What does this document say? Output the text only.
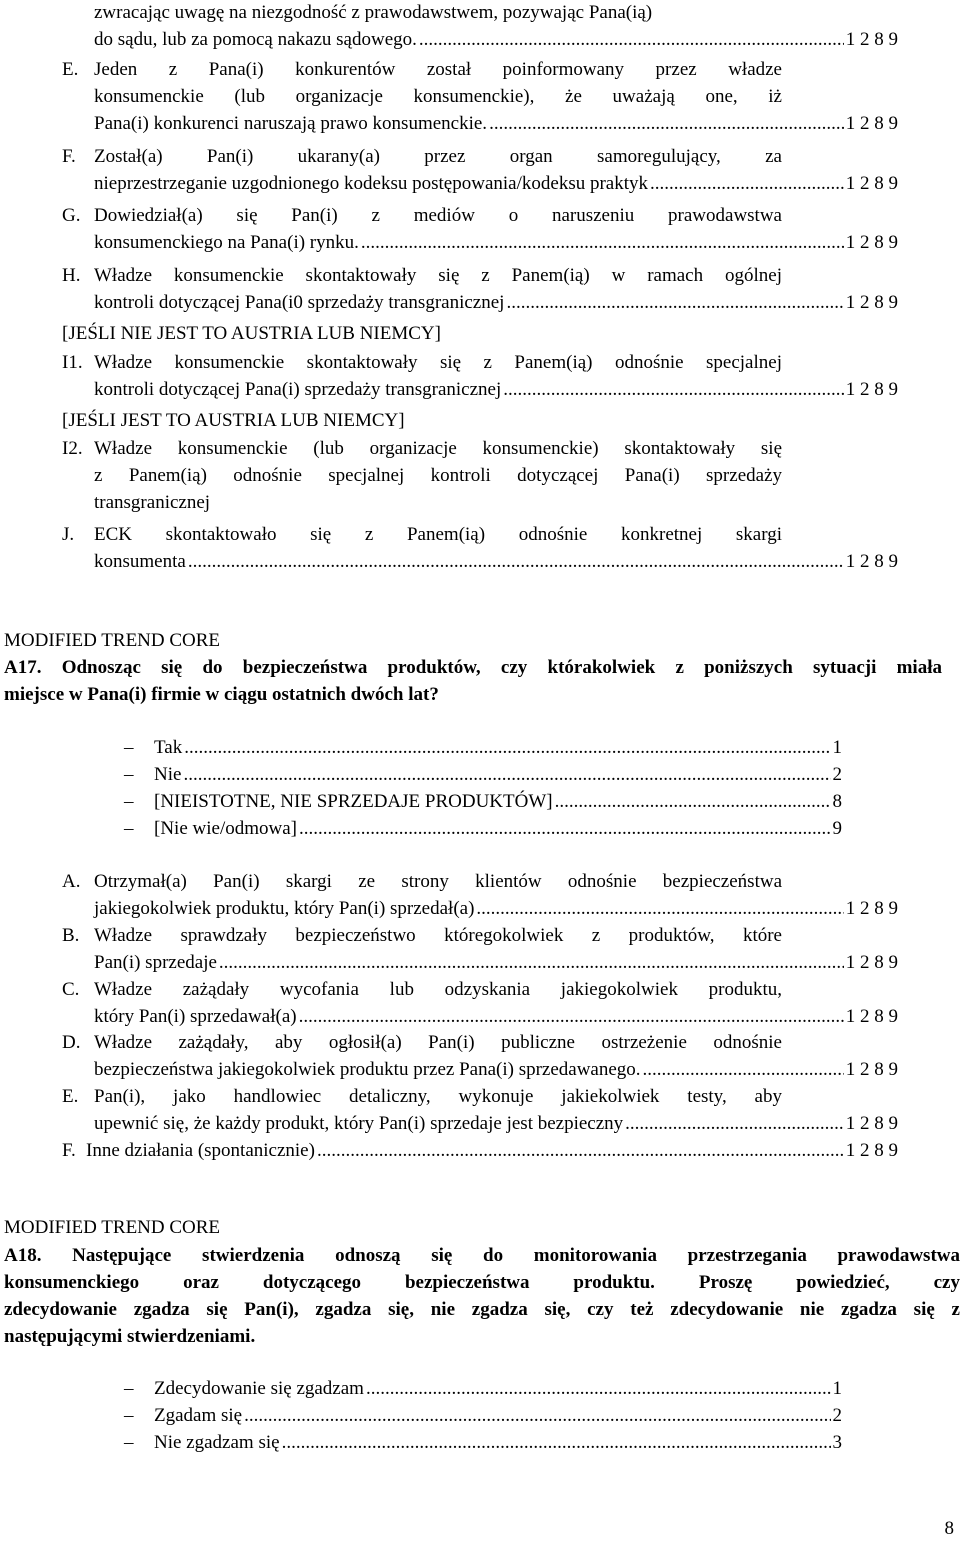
zwracając uwagę na niezgodność z prawodawstwem, pozywając Pana(ią)
do sądu, lub za pomocą nakazu sądowego. .....	1 2 8 9
E. Jeden z Pana(i) konkurentów został poinformowany przez władze
konsumenckie (lub organizacje konsumenckie), że uważają one, iż
Pana(i) konkurenci naruszają prawo konsumenckie. .....	1 2 8 9
F. Został(a) Pan(i) ukarany(a) przez organ samoregulujący, za
nieprzestrzeganie uzgodnionego kodeksu postępowania/kodeksu praktyk .....	1 2 8 9
G. Dowiedział(a) się Pan(i) z mediów o naruszeniu prawodawstwa
konsumenckiego na Pana(i) rynku. .....	1 2 8 9
H. Władze konsumenckie skontaktowały się z Panem(ią) w ramach ogólnej
kontroli dotyczącej Pana(i0 sprzedaży transgranicznej .....	1 2 8 9
[JEŚLI NIE JEST TO AUSTRIA LUB NIEMCY]
I1. Władze konsumenckie skontaktowały się z Panem(ią) odnośnie specjalnej
kontroli dotyczącej Pana(i) sprzedaży transgranicznej .....	1 2 8 9
[JEŚLI JEST TO AUSTRIA LUB NIEMCY]
I2. Władze konsumenckie (lub organizacje konsumenckie) skontaktowały się
z Panem(ią) odnośnie specjalnej kontroli dotyczącej Pana(i) sprzedaży
transgranicznej
J. ECK skontaktowało się z Panem(ią) odnośnie konkretnej skargi
konsumenta .....	1 2 8 9
MODIFIED TREND CORE
A17. Odnosząc się do bezpieczeństwa produktów, czy którakolwiek z poniższych sytuacji miała
miejsce w Pana(i) firmie w ciągu ostatnich dwóch lat?
– Tak .....	1
– Nie .....	2
– [NIEISTOTNE, NIE SPRZEDAJE PRODUKTÓW] .....	8
– [Nie wie/odmowa] .....	9
A. Otrzymał(a) Pan(i) skargi ze strony klientów odnośnie bezpieczeństwa
jakiegokolwiek produktu, który Pan(i) sprzedał(a) .....	1 2 8 9
B. Władze sprawdzały bezpieczeństwo któregokolwiek z produktów, które
Pan(i) sprzedaje .....	1 2 8 9
C. Władze zażądały wycofania lub odzyskania jakiegokolwiek produktu,
który Pan(i) sprzedawał(a) .....	1 2 8 9
D. Władze zażądały, aby ogłosił(a) Pan(i) publiczne ostrzeżenie odnośnie
bezpieczeństwa jakiegokolwiek produktu przez Pana(i) sprzedawanego. .....	1 2 8 9
E. Pan(i), jako handlowiec detaliczny, wykonuje jakiekolwiek testy, aby
upewnić się, że każdy produkt, który Pan(i) sprzedaje jest bezpieczny .....	1 2 8 9
F. Inne działania (spontanicznie) .....	1 2 8 9
MODIFIED TREND CORE
A18. Następujące stwierdzenia odnoszą się do monitorowania przestrzegania prawodawstwa
konsumenckiego oraz dotyczącego bezpieczeństwa produktu. Proszę powiedzieć, czy
zdecydowanie zgadza się Pan(i), zgadza się, nie zgadza się, czy też zdecydowanie nie zgadza się z
następującymi stwierdzeniami.
– Zdecydowanie się zgadzam .....	1
– Zgadam się .....	2
– Nie zgadzam się .....	3
8
